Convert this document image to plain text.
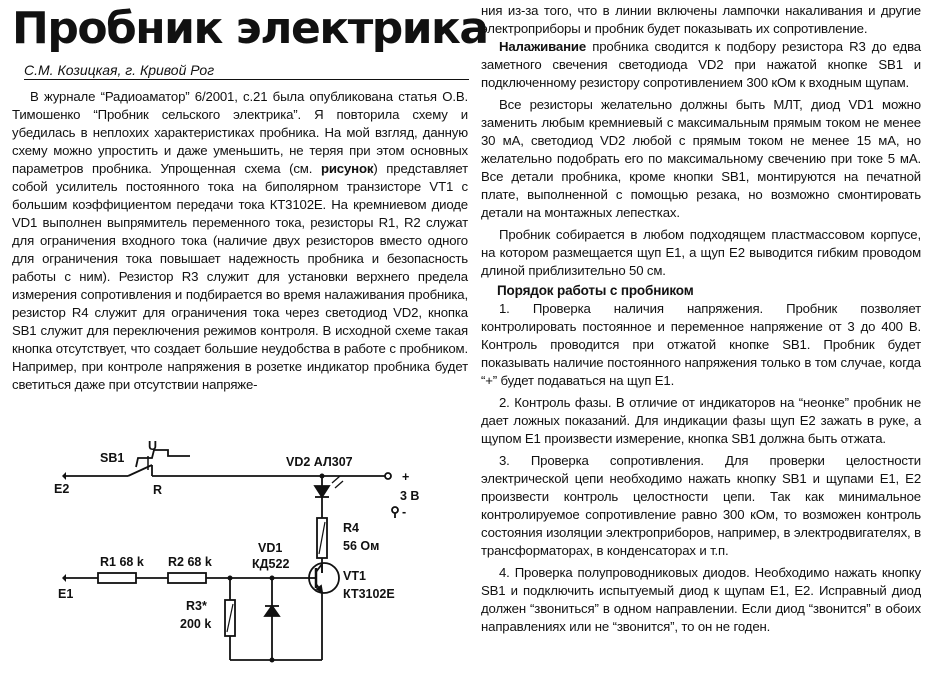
Пробник электрика
С.М. Козицкая, г. Кривой Рог

В журнале “Радиоаматор” 6/2001, с.21 была опубликована статья О.В. Тимошенко “Пробник сельского электрика”. Я повторила схему и убедилась в неплохих характеристиках пробника. На мой взгляд, данную схему можно упростить и даже уменьшить, не теряя при этом основных параметров пробника. Упрощенная схема (см. рисунок) представляет собой усилитель постоянного тока на биполярном транзисторе VT1 с большим коэффициентом передачи тока КТ3102Е. На кремниевом диоде VD1 выполнен выпрямитель переменного тока, резисторы R1, R2 служат для ограничения входного тока (наличие двух резисторов вместо одного для ограничения тока повышает надежность пробника и безопасность работы с ним). Резистор R3 служит для установки верхнего предела измерения сопротивления и подбирается во время налаживания пробника, резистор R4 служит для ограничения тока через светодиод VD2, кнопка SB1 служит для переключения режимов контроля. В исходной схеме такая кнопка отсутствует, что создает большие неудобства в работе с пробником. Например, при контроле напряжения в розетке индикатор пробника будет светиться даже при отсутствии напряже-

SB1
U
R
E2
VD2 АЛ307
+
-
3 В
R4
56 Ом
R1 68 k R2 68 k
VD1
КД522
VT1
КТ3102Е
E1
R3*
200 k

ния из-за того, что в линии включены лампочки накаливания и другие электроприборы и пробник будет показывать их сопротивление.

Налаживание пробника сводится к подбору резистора R3 до едва заметного свечения светодиода VD2 при нажатой кнопке SB1 и подключенному резистору сопротивлением 300 кОм к входным щупам.

Все резисторы желательно должны быть МЛТ, диод VD1 можно заменить любым кремниевый с максимальным прямым током не менее 30 мА, светодиод VD2 любой с прямым током не менее 15 мА, но желательно подобрать его по максимальному свечению при токе 5 мА. Все детали пробника, кроме кнопки SB1, монтируются на печатной плате, выполненной с помощью резака, но возможно смонтировать детали на монтажных лепестках.

Пробник собирается в любом подходящем пластмассовом корпусе, на котором размещается щуп Е1, а щуп Е2 выводится гибким проводом длиной приблизительно 50 см.

Порядок работы с пробником

1. Проверка наличия напряжения. Пробник позволяет контролировать постоянное и переменное напряжение от 3 до 400 В. Контроль проводится при отжатой кнопке SB1. Пробник будет показывать наличие постоянного напряжения только в том случае, когда “+” будет подаваться на щуп Е1.

2. Контроль фазы. В отличие от индикаторов на “неонке” пробник не дает ложных показаний. Для индикации фазы щуп Е2 зажать в руке, а щупом Е1 произвести измерение, кнопка SB1 должна быть отжата.

3. Проверка сопротивления. Для проверки целостности электрической цепи необходимо нажать кнопку SB1 и щупами Е1, Е2 произвести контроль целостности цепи. Так как минимальное контролируемое сопротивление равно 300 кОм, то возможен контроль состояния изоляции электроприборов, например, в электродвигателях, в трансформаторах, в конденсаторах и т.п.

4. Проверка полупроводниковых диодов. Необходимо нажать кнопку SB1 и подключить испытуемый диод к щупам Е1, Е2. Исправный диод должен “звониться” в одном направлении. Если диод “звонится” в обоих направлениях или не “звонится”, то он не годен.
